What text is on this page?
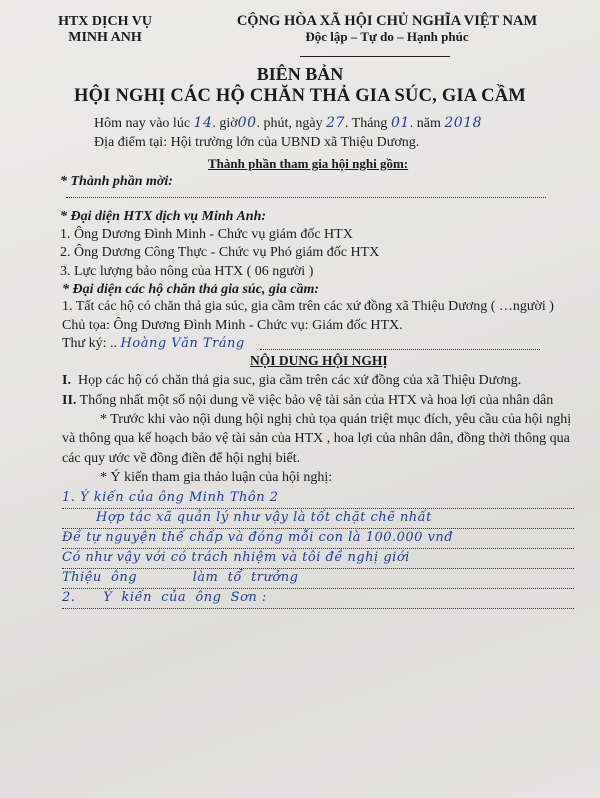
HTX DỊCH VỤ
MINH ANH
CỘNG HÒA XÃ HỘI CHỦ NGHĨA VIỆT NAM
Độc lập – Tự do – Hạnh phúc
BIÊN BẢN
HỘI NGHỊ CÁC HỘ CHĂN THẢ GIA SÚC, GIA CẦM
Hôm nay vào lúc 14. giờ00. phút, ngày 27. Tháng 01. năm 2018
Địa điểm tại: Hội trường lớn của UBND xã Thiệu Dương.
Thành phần tham gia hội nghi gồm:
* Thành phần mời:
* Đại diện HTX dịch vụ Minh Anh:
1. Ông Dương Đình Minh - Chức vụ giám đốc HTX
2. Ông Dương Công Thực - Chức vụ Phó giám đốc HTX
3. Lực lượng bảo nông của HTX ( 06 người )
* Đại diện các hộ chăn thả gia súc, gia cầm:
1. Tất các hộ có chăn thả gia súc, gia cầm trên các xứ đồng xã Thiệu Dương ( …người )
Chủ tọa: Ông Dương Đình Minh - Chức vụ: Giám đốc HTX.
Thư ký: .. Hoàng Văn Tráng
NỘI DUNG HỘI NGHỊ
I. Họp các hộ có chăn thả gia suc, gia cầm trên các xứ đồng của xã Thiệu Dương.
II. Thống nhất một số nội dung về việc bảo vệ tài sản của HTX và hoa lợi của nhân dân
* Trước khi vào nội dung hội nghị chủ tọa quán triệt mục đích, yêu cầu của hội nghị
và thông qua kế hoạch bảo vệ tài sản của HTX , hoa lợi của nhân dân, đồng thời thông qua
các quy ước về đồng điền để hội nghị biết.
* Ý kiến tham gia thảo luận của hội nghị:
1. Ý kiến của ông Minh Thôn 2
Hợp tác xã quản lý như vậy là tốt chặt chẽ nhất
Đề tự nguyện thế chấp và đóng mỗi con là 100.000 vnđ
Có như vậy với có trách nhiệm và tôi đề nghị giới
Thiệu  ông            làm  tổ  trưởng
2.      Ý  kiến  của  ông  Sơn :
